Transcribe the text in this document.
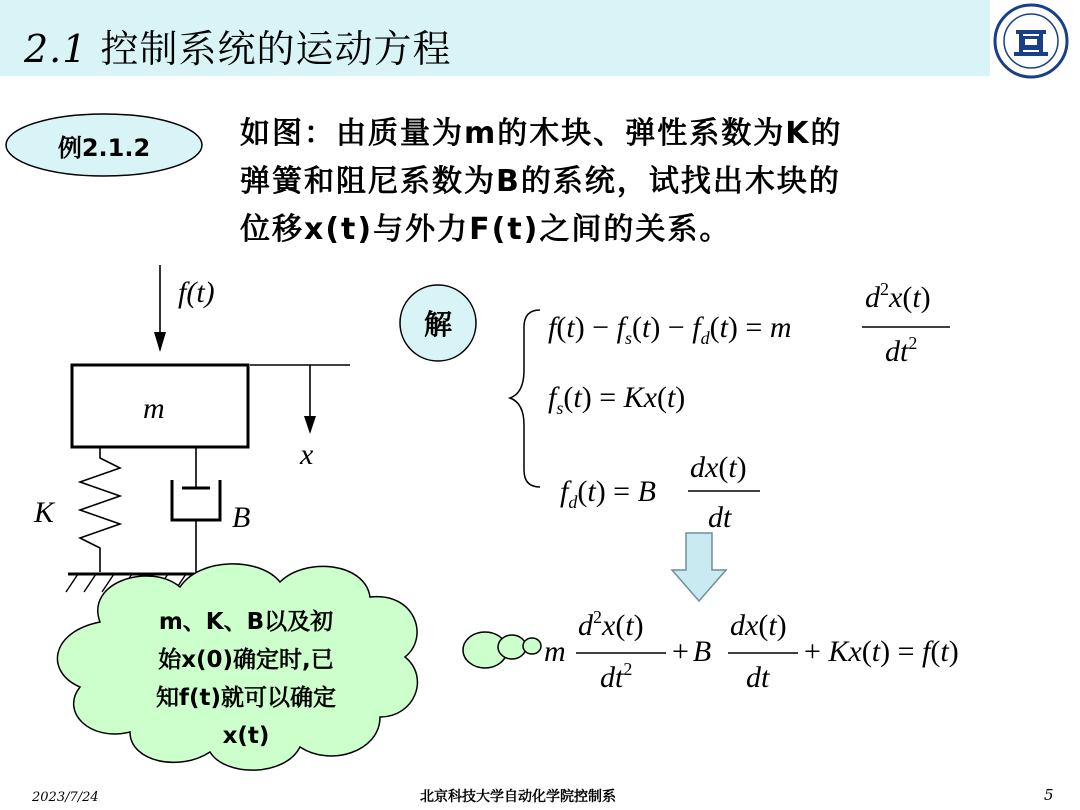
2.1 控制系统的运动方程
例2.1.2	如图：由质量为m的木块、弹性系数为K的
弹簧和阻尼系数为B的系统，试找出木块的
位移x(t)与外力F(t)之间的关系。
f(t)
x
m
K	B
解	$f(t) - f_s(t) - f_d(t) = m$
$d^2x(t)$
$dt^2$
$f_s(t) = Kx(t)$
$f_d(t) = B$
dx(t)
dt
m
$d^2x(t)$
$dt^2$
+ B
dx(t)
dt
+ Kx(t) = f(t)
m、K、B以及初
始x(0)确定时,已
知f(t)就可以确定
x(t)
2023/7/24	北京科技大学自动化学院控制系	5
